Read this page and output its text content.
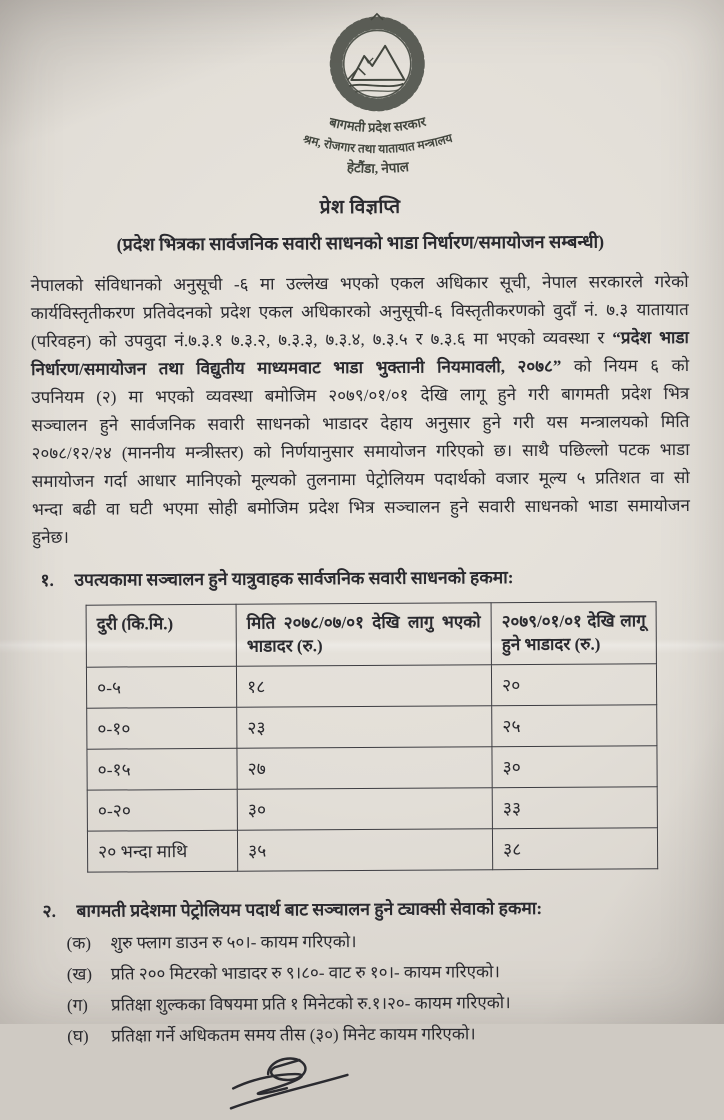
बागमती प्रदेश सरकार
श्रम, रोजगार तथा यातायात मन्त्रालय
हेटौंडा, नेपाल
प्रेश विज्ञप्ति
(प्रदेश भित्रका सार्वजनिक सवारी साधनको भाडा निर्धारण/समायोजन सम्बन्धी)
नेपालको संविधानको अनुसूची -६ मा उल्लेख भएको एकल अधिकार सूची, नेपाल सरकारले गरेको कार्यविस्तृतीकरण प्रतिवेदनको प्रदेश एकल अधिकारको अनुसूची-६ विस्तृतीकरणको वुदाँ नं. ७.३ यातायात (परिवहन) को उपवुदा नं.७.३.१ ७.३.२, ७.३.३, ७.३.४, ७.३.५ र ७.३.६ मा भएको व्यवस्था र “प्रदेश भाडा निर्धारण/समायोजन तथा विद्युतीय माध्यमवाट भाडा भुक्तानी नियमावली, २०७८” को नियम ६ को उपनियम (२) मा भएको व्यवस्था बमोजिम २०७९/०१/०१ देखि लागू हुने गरी बागमती प्रदेश भित्र सञ्चालन हुने सार्वजनिक सवारी साधनको भाडादर देहाय अनुसार हुने गरी यस मन्त्रालयको मिति २०७८/१२/२४ (माननीय मन्त्रीस्तर) को निर्णयानुसार समायोजन गरिएको छ। साथै पछिल्लो पटक भाडा समायोजन गर्दा आधार मानिएको मूल्यको तुलनामा पेट्रोलियम पदार्थको वजार मूल्य ५ प्रतिशत वा सो भन्दा बढी वा घटी भएमा सोही बमोजिम प्रदेश भित्र सञ्चालन हुने सवारी साधनको भाडा समायोजन हुनेछ।
१.	उपत्यकामा सञ्चालन हुने यात्रुवाहक सार्वजनिक सवारी साधनको हकमा:
दुरी (कि.मि.)	मिति २०७८/०७/०१ देखि लागु भएको भाडादर (रु.)	२०७९/०१/०१ देखि लागू हुने भाडादर (रु.)
०-५	१८	२०
०-१०	२३	२५
०-१५	२७	३०
०-२०	३०	३३
२० भन्दा माथि	३५	३८
२.	बागमती प्रदेशमा पेट्रोलियम पदार्थ बाट सञ्चालन हुने ट्याक्सी सेवाको हकमा:
(क)	शुरु फ्लाग डाउन रु ५०।- कायम गरिएको।
(ख)	प्रति २०० मिटरको भाडादर रु ९।८०- वाट रु १०।- कायम गरिएको।
(ग)	प्रतिक्षा शुल्कका विषयमा प्रति १ मिनेटको रु.१।२०- कायम गरिएको।
(घ)	प्रतिक्षा गर्ने अधिकतम समय तीस (३०) मिनेट कायम गरिएको।
